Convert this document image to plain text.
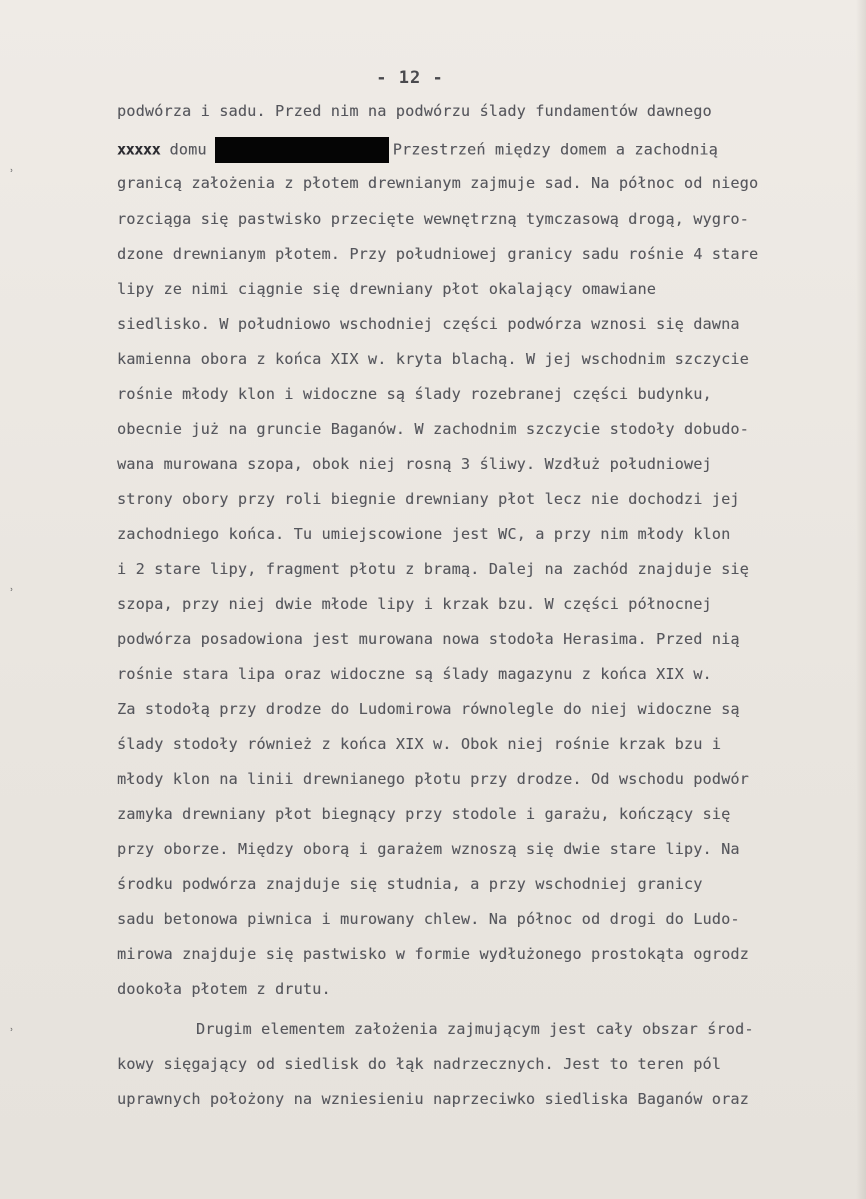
- 12 -
podwórza i sadu. Przed nim na podwórzu ślady fundamentów dawnego
xxxxx domu	Przestrzeń między domem a zachodnią
granicą założenia z płotem drewnianym zajmuje sad. Na północ od niego
rozciąga się pastwisko przecięte wewnętrzną tymczasową drogą, wygro-
dzone drewnianym płotem. Przy południowej granicy sadu rośnie 4 stare
lipy ze nimi ciągnie się drewniany płot okalający omawiane
siedlisko. W południowo wschodniej części podwórza wznosi się dawna
kamienna obora z końca XIX w. kryta blachą. W jej wschodnim szczycie
rośnie młody klon i widoczne są ślady rozebranej części budynku,
obecnie już na gruncie Baganów. W zachodnim szczycie stodoły dobudo-
wana murowana szopa, obok niej rosną 3 śliwy. Wzdłuż południowej
strony obory przy roli biegnie drewniany płot lecz nie dochodzi jej
zachodniego końca. Tu umiejscowione jest WC, a przy nim młody klon
i 2 stare lipy, fragment płotu z bramą. Dalej na zachód znajduje się
szopa, przy niej dwie młode lipy i krzak bzu. W części północnej
podwórza posadowiona jest murowana nowa stodoła Herasima. Przed nią
rośnie stara lipa oraz widoczne są ślady magazynu z końca XIX w.
Za stodołą przy drodze do Ludomirowa równolegle do niej widoczne są
ślady stodoły również z końca XIX w. Obok niej rośnie krzak bzu i
młody klon na linii drewnianego płotu przy drodze. Od wschodu podwór
zamyka drewniany płot biegnący przy stodole i garażu, kończący się
przy oborze. Między oborą i garażem wznoszą się dwie stare lipy. Na
środku podwórza znajduje się studnia, a przy wschodniej granicy
sadu betonowa piwnica i murowany chlew. Na północ od drogi do Ludo-
mirowa znajduje się pastwisko w formie wydłużonego prostokąta ogrodz
dookoła płotem z drutu.
Drugim elementem założenia zajmującym jest cały obszar środ-
kowy sięgający od siedlisk do łąk nadrzecznych. Jest to teren pól
uprawnych położony na wzniesieniu naprzeciwko siedliska Baganów oraz
˒
˒
˒
